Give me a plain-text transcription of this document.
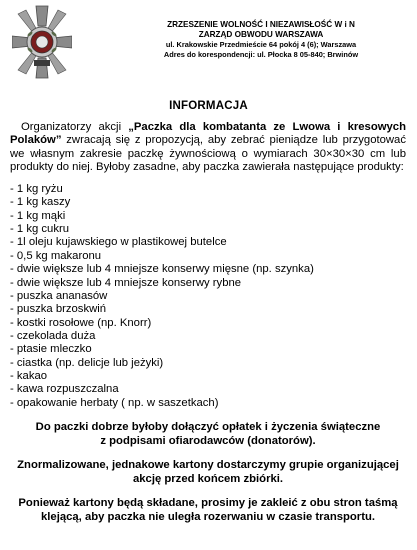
ZRZESZENIE WOLNOŚĆ I NIEZAWISŁOŚĆ W i N
ZARZĄD OBWODU WARSZAWA
ul. Krakowskie Przedmieście 64 pokój 4 (6); Warszawa
Adres do korespondencji: ul. Płocka 8 05-840; Brwinów
INFORMACJA

Organizatorzy akcji „Paczka dla kombatanta ze Lwowa i kresowych Polaków” zwracają się z propozycją, aby zebrać pieniądze lub przygotować we własnym zakresie paczkę żywnościową o wymiarach 30×30×30 cm lub produkty do niej. Byłoby zasadne, aby paczka zawierała następujące produkty:

- 1 kg ryżu
- 1 kg kaszy
- 1 kg mąki
- 1 kg cukru
- 1l oleju kujawskiego w plastikowej butelce
- 0,5 kg makaronu
- dwie większe lub 4 mniejsze konserwy mięsne (np. szynka)
- dwie większe lub 4 mniejsze konserwy rybne
- puszka ananasów
- puszka brzoskwiń
- kostki rosołowe (np. Knorr)
- czekolada duża
- ptasie mleczko
- ciastka (np. delicje lub jeżyki)
- kakao
- kawa rozpuszczalna
- opakowanie herbaty ( np. w saszetkach)
Do paczki dobrze byłoby dołączyć opłatek i życzenia świąteczne
z podpisami ofiarodawców (donatorów).
Znormalizowane, jednakowe kartony dostarczymy grupie organizującej
akcję przed końcem zbiórki.
Ponieważ kartony będą składane, prosimy je zakleić z obu stron taśmą
klejącą, aby paczka nie uległa rozerwaniu w czasie transportu.
